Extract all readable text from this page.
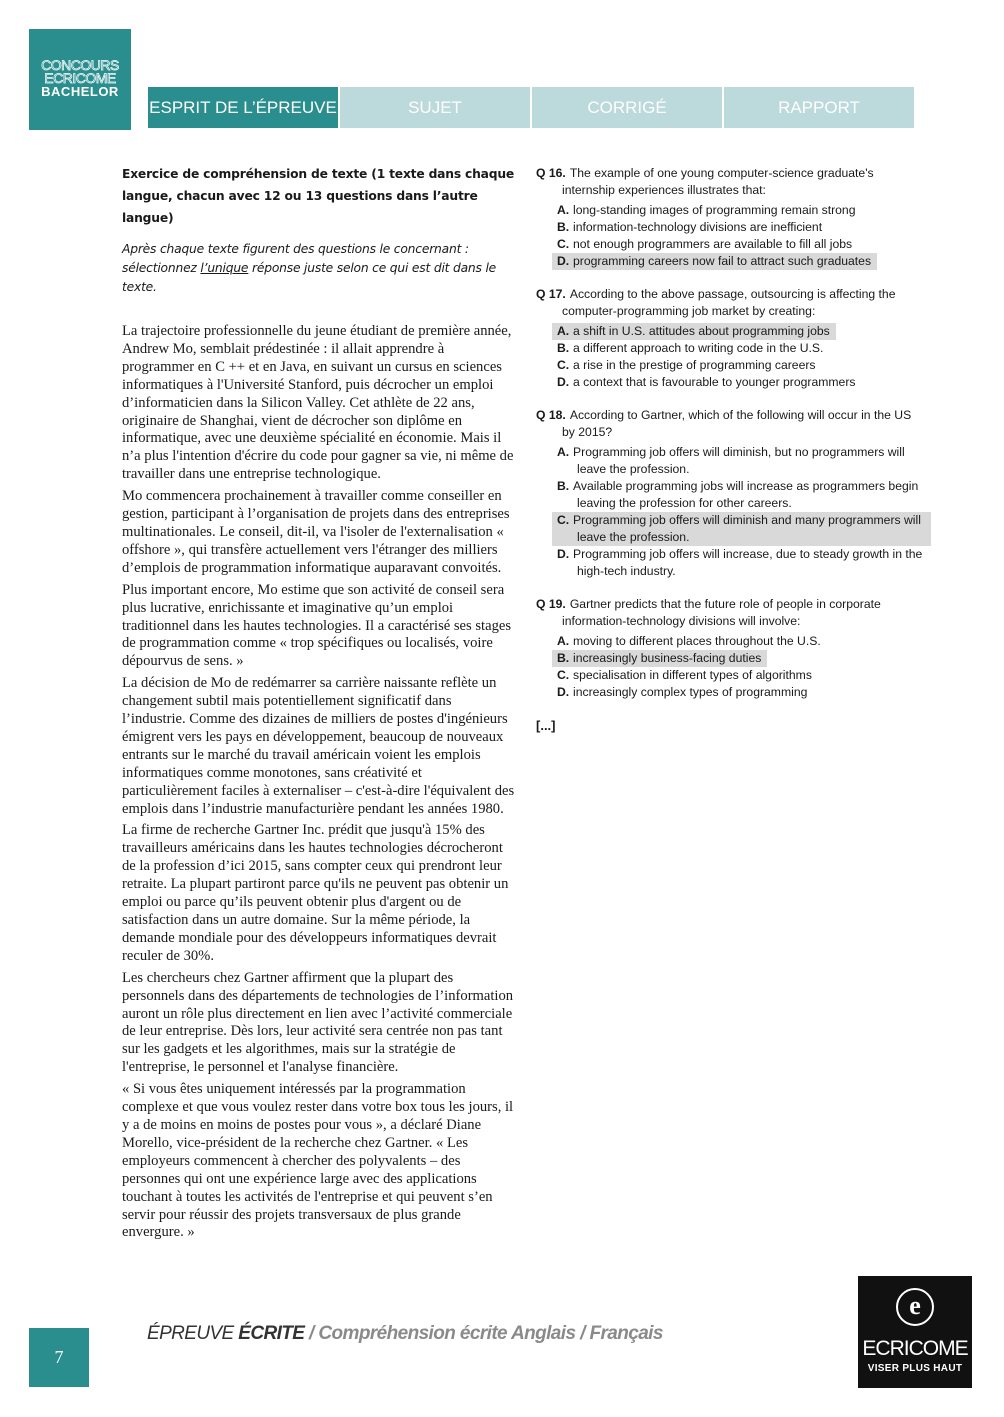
CONCOURS
ECRICOME
BACHELOR
ESPRIT DE L’ÉPREUVE	SUJET	CORRIGÉ	RAPPORT
Exercice de compréhension de texte (1 texte dans chaque langue, chacun avec 12 ou 13 questions dans l’autre langue)
Après chaque texte figurent des questions le concernant : sélectionnez l’unique réponse juste selon ce qui est dit dans le texte.

La trajectoire professionnelle du jeune étudiant de première année, Andrew Mo, semblait prédestinée : il allait apprendre à programmer en C ++ et en Java, en suivant un cursus en sciences informatiques à l'Université Stanford, puis décrocher un emploi d’informaticien dans la Silicon Valley. Cet athlète de 22 ans, originaire de Shanghai, vient de décrocher son diplôme en informatique, avec une deuxième spécialité en économie. Mais il n’a plus l'intention d'écrire du code pour gagner sa vie, ni même de travailler dans une entreprise technologique.

Mo commencera prochainement à travailler comme conseiller en gestion, participant à l’organisation de projets dans des entreprises multinationales. Le conseil, dit-il, va l'isoler de l'externalisation « offshore », qui transfère actuellement vers l'étranger des milliers d’emplois de programmation informatique auparavant convoités.

Plus important encore, Mo estime que son activité de conseil sera plus lucrative, enrichissante et imaginative qu’un emploi traditionnel dans les hautes technologies. Il a caractérisé ses stages de programmation comme « trop spécifiques ou localisés, voire dépourvus de sens. »

La décision de Mo de redémarrer sa carrière naissante reflète un changement subtil mais potentiellement significatif dans l’industrie. Comme des dizaines de milliers de postes d'ingénieurs émigrent vers les pays en développement, beaucoup de nouveaux entrants sur le marché du travail américain voient les emplois informatiques comme monotones, sans créativité et particulièrement faciles à externaliser – c'est-à-dire l'équivalent des emplois dans l’industrie manufacturière pendant les années 1980.

La firme de recherche Gartner Inc. prédit que jusqu'à 15% des travailleurs américains dans les hautes technologies décrocheront de la profession d’ici 2015, sans compter ceux qui prendront leur retraite. La plupart partiront parce qu'ils ne peuvent pas obtenir un emploi ou parce qu’ils peuvent obtenir plus d'argent ou de satisfaction dans un autre domaine. Sur la même période, la demande mondiale pour des développeurs informatiques devrait reculer de 30%.

Les chercheurs chez Gartner affirment que la plupart des personnels dans des départements de technologies de l’information auront un rôle plus directement en lien avec l’activité commerciale de leur entreprise. Dès lors, leur activité sera centrée non pas tant sur les gadgets et les algorithmes, mais sur la stratégie de l'entreprise, le personnel et l'analyse financière.

« Si vous êtes uniquement intéressés par la programmation complexe et que vous voulez rester dans votre box tous les jours, il y a de moins en moins de postes pour vous », a déclaré Diane Morello, vice-président de la recherche chez Gartner. « Les employeurs commencent à chercher des polyvalents – des personnes qui ont une expérience large avec des applications touchant à toutes les activités de l'entreprise et qui peuvent s’en servir pour réussir des projets transversaux de plus grande envergure. »

Q 16. The example of one young computer-science graduate's
internship experiences illustrates that:
A. long-standing images of programming remain strong
B. information-technology divisions are inefficient
C. not enough programmers are available to fill all jobs
D. programming careers now fail to attract such graduates
Q 17. According to the above passage, outsourcing is affecting the
computer-programming job market by creating:
A. a shift in U.S. attitudes about programming jobs
B. a different approach to writing code in the U.S.
C. a rise in the prestige of programming careers
D. a context that is favourable to younger programmers
Q 18. According to Gartner, which of the following will occur in the US
by 2015?
A. Programming job offers will diminish, but no programmers will leave the profession.
B. Available programming jobs will increase as programmers begin leaving the profession for other careers.
C. Programming job offers will diminish and many programmers will leave the profession.
D. Programming job offers will increase, due to steady growth in the high-tech industry.
Q 19. Gartner predicts that the future role of people in corporate
information-technology divisions will involve:
A. moving to different places throughout the U.S.
B. increasingly business-facing duties
C. specialisation in different types of algorithms
D. increasingly complex types of programming
[...]
7
ÉPREUVE ÉCRITE / Compréhension écrite Anglais / Français
e
ECRICOME
VISER PLUS HAUT
